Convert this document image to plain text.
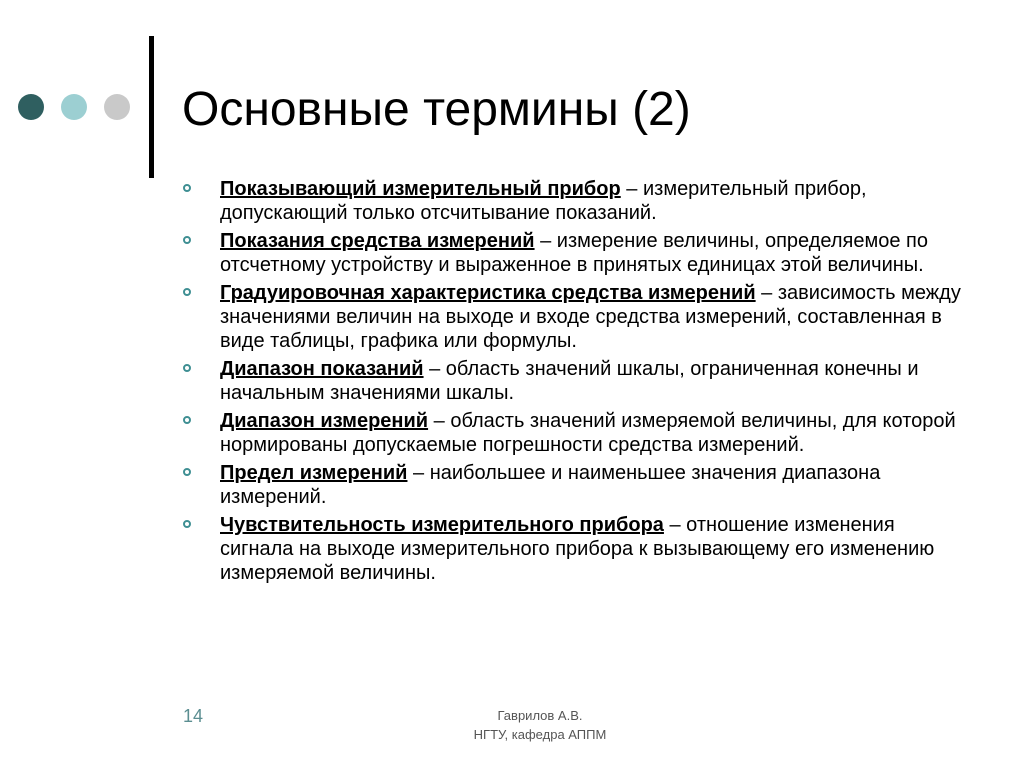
Основные термины (2)
Показывающий измерительный прибор – измерительный прибор, допускающий только отсчитывание показаний.
Показания средства измерений – измерение величины, определяемое по отсчетному устройству и выраженное в принятых единицах этой величины.
Градуировочная характеристика средства измерений – зависимость между значениями величин на выходе и входе средства измерений, составленная в виде таблицы, графика или формулы.
Диапазон показаний – область значений шкалы, ограниченная конечны и начальным значениями шкалы.
Диапазон измерений – область значений измеряемой величины, для которой нормированы допускаемые погрешности средства измерений.
Предел измерений – наибольшее и наименьшее значения диапазона измерений.
Чувствительность измерительного прибора – отношение изменения сигнала на выходе измерительного прибора к вызывающему его изменению измеряемой величины.
14	Гаврилов А.В.
НГТУ, кафедра АППМ
